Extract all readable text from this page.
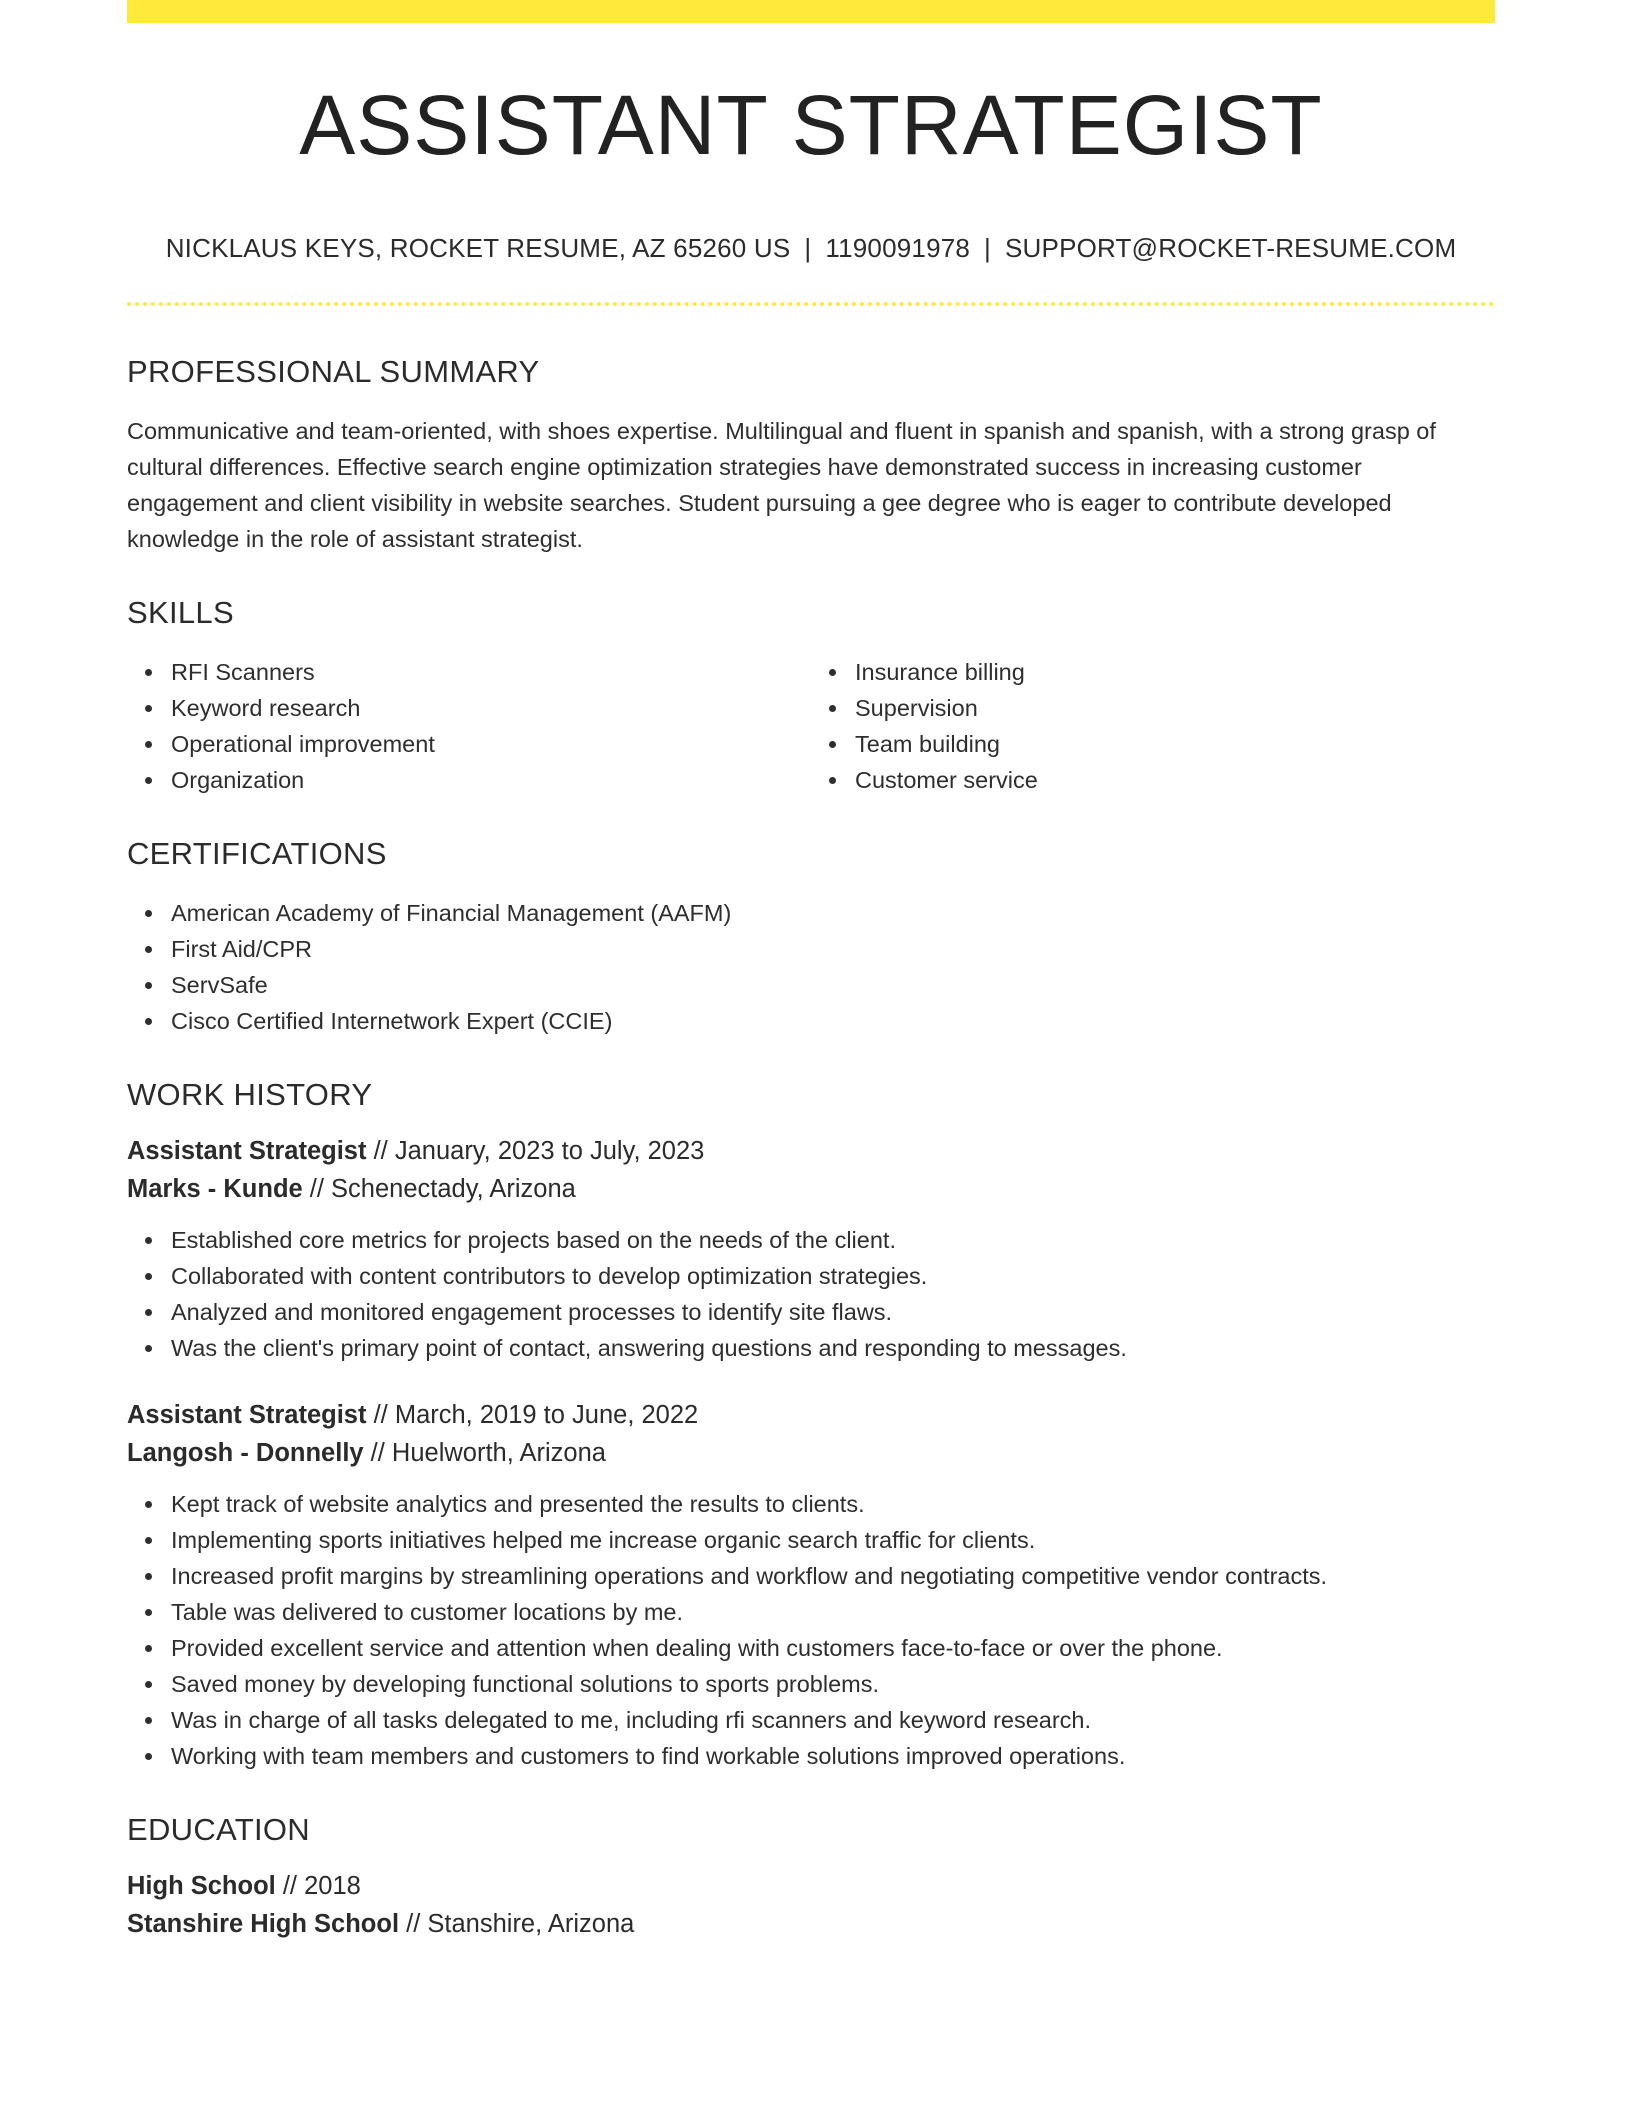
ASSISTANT STRATEGIST
NICKLAUS KEYS, ROCKET RESUME, AZ 65260 US | 1190091978 | SUPPORT@ROCKET-RESUME.COM
PROFESSIONAL SUMMARY
Communicative and team-oriented, with shoes expertise. Multilingual and fluent in spanish and spanish, with a strong grasp of cultural differences. Effective search engine optimization strategies have demonstrated success in increasing customer engagement and client visibility in website searches. Student pursuing a gee degree who is eager to contribute developed knowledge in the role of assistant strategist.
SKILLS
RFI Scanners
Keyword research
Operational improvement
Organization
Insurance billing
Supervision
Team building
Customer service
CERTIFICATIONS
American Academy of Financial Management (AAFM)
First Aid/CPR
ServSafe
Cisco Certified Internetwork Expert (CCIE)
WORK HISTORY
Assistant Strategist // January, 2023 to July, 2023
Marks - Kunde // Schenectady, Arizona
Established core metrics for projects based on the needs of the client.
Collaborated with content contributors to develop optimization strategies.
Analyzed and monitored engagement processes to identify site flaws.
Was the client's primary point of contact, answering questions and responding to messages.
Assistant Strategist // March, 2019 to June, 2022
Langosh - Donnelly // Huelworth, Arizona
Kept track of website analytics and presented the results to clients.
Implementing sports initiatives helped me increase organic search traffic for clients.
Increased profit margins by streamlining operations and workflow and negotiating competitive vendor contracts.
Table was delivered to customer locations by me.
Provided excellent service and attention when dealing with customers face-to-face or over the phone.
Saved money by developing functional solutions to sports problems.
Was in charge of all tasks delegated to me, including rfi scanners and keyword research.
Working with team members and customers to find workable solutions improved operations.
EDUCATION
High School // 2018
Stanshire High School // Stanshire, Arizona
